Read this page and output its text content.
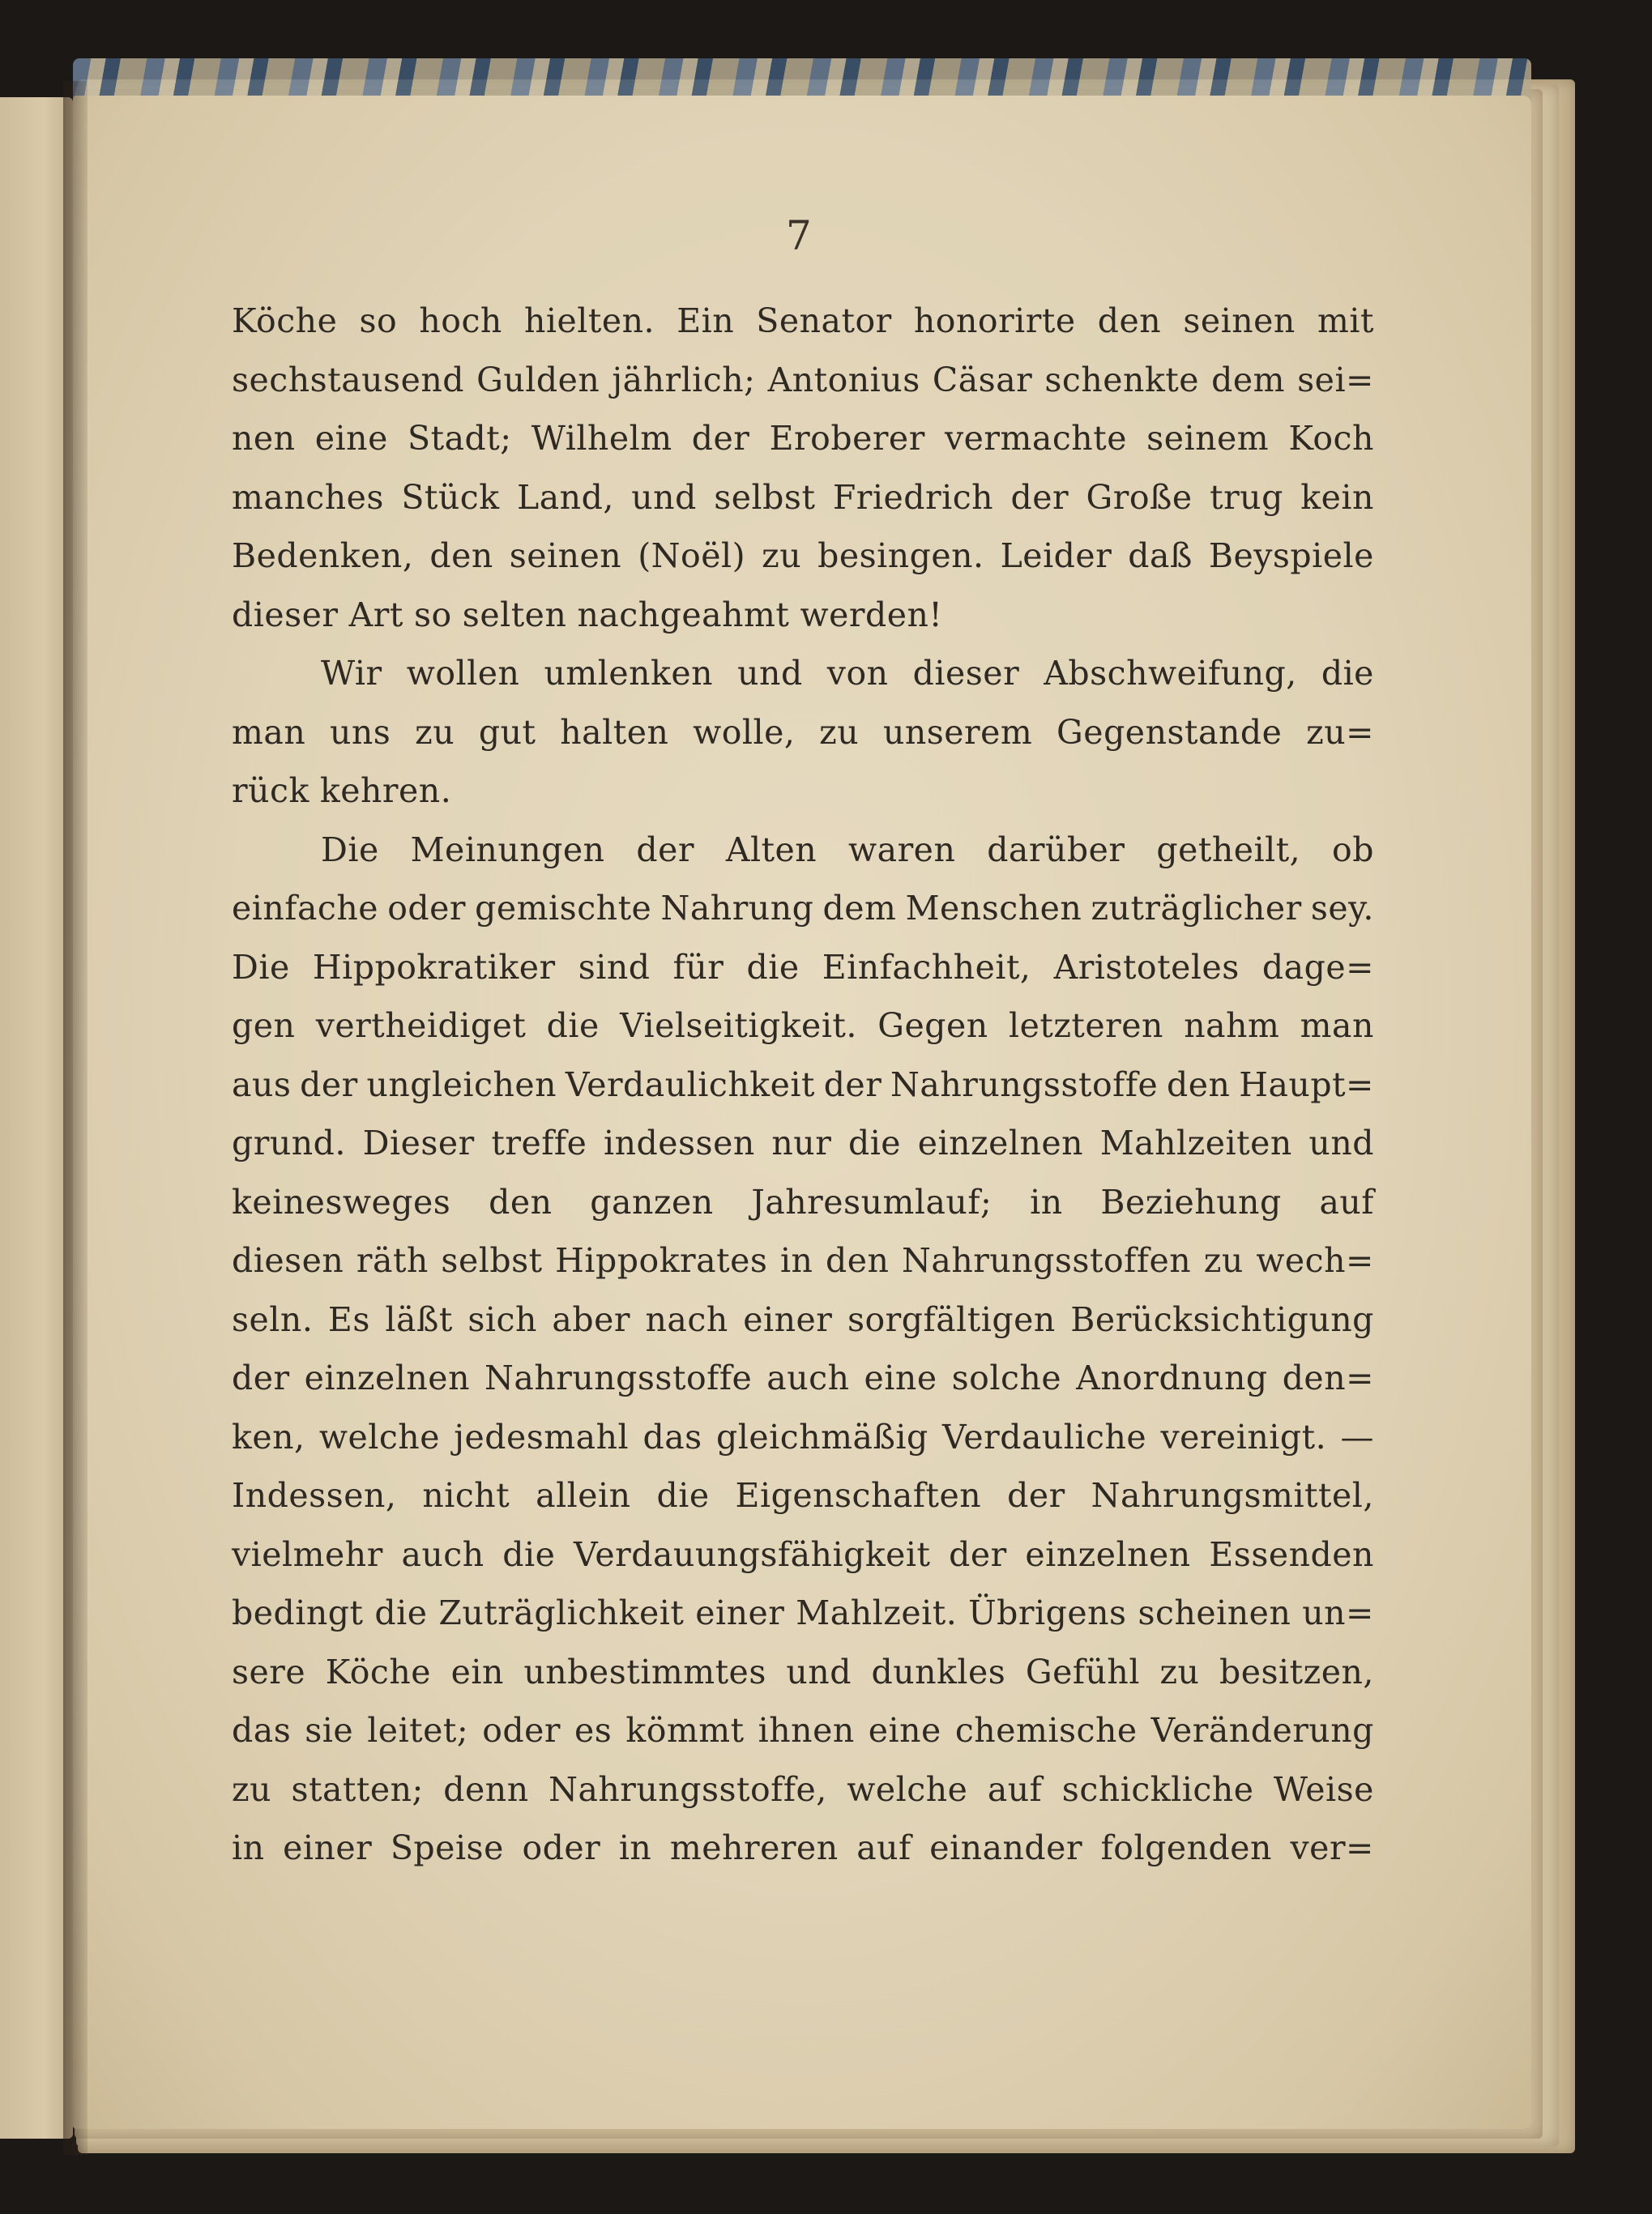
7
Köche so hoch hielten. Ein Senator honorirte den seinen mit
sechstausend Gulden jährlich; Antonius Cäsar schenkte dem sei=
nen eine Stadt; Wilhelm der Eroberer vermachte seinem Koch
manches Stück Land, und selbst Friedrich der Große trug kein
Bedenken, den seinen (Noël) zu besingen. Leider daß Beyspiele
dieser Art so selten nachgeahmt werden!
Wir wollen umlenken und von dieser Abschweifung, die
man uns zu gut halten wolle, zu unserem Gegenstande zu=
rück kehren.
Die Meinungen der Alten waren darüber getheilt, ob
einfache oder gemischte Nahrung dem Menschen zuträglicher sey.
Die Hippokratiker sind für die Einfachheit, Aristoteles dage=
gen vertheidiget die Vielseitigkeit. Gegen letzteren nahm man
aus der ungleichen Verdaulichkeit der Nahrungsstoffe den Haupt=
grund. Dieser treffe indessen nur die einzelnen Mahlzeiten und
keinesweges den ganzen Jahresumlauf; in Beziehung auf
diesen räth selbst Hippokrates in den Nahrungsstoffen zu wech=
seln. Es läßt sich aber nach einer sorgfältigen Berücksichtigung
der einzelnen Nahrungsstoffe auch eine solche Anordnung den=
ken, welche jedesmahl das gleichmäßig Verdauliche vereinigt. —
Indessen, nicht allein die Eigenschaften der Nahrungsmittel,
vielmehr auch die Verdauungsfähigkeit der einzelnen Essenden
bedingt die Zuträglichkeit einer Mahlzeit. Übrigens scheinen un=
sere Köche ein unbestimmtes und dunkles Gefühl zu besitzen,
das sie leitet; oder es kömmt ihnen eine chemische Veränderung
zu statten; denn Nahrungsstoffe, welche auf schickliche Weise
in einer Speise oder in mehreren auf einander folgenden ver=
